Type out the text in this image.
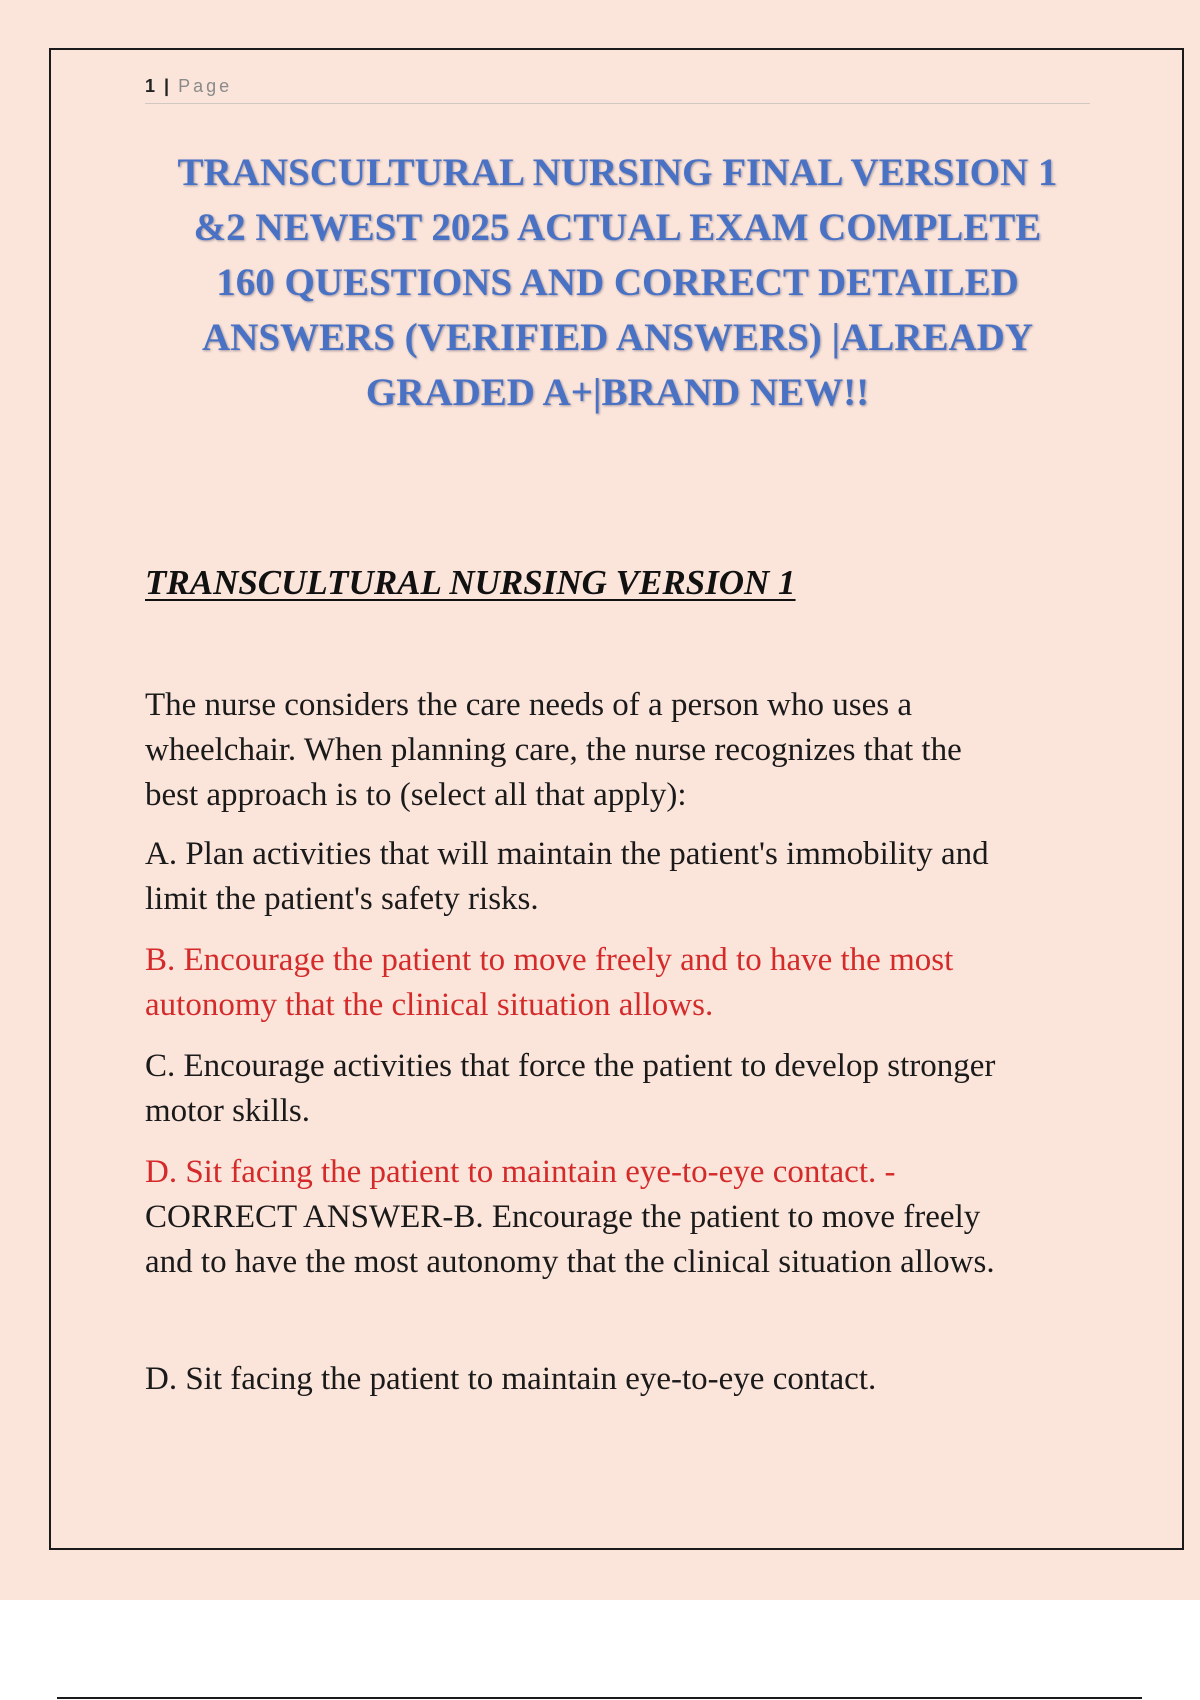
1 | Page
TRANSCULTURAL NURSING FINAL VERSION 1
&2 NEWEST 2025 ACTUAL EXAM COMPLETE
160 QUESTIONS AND CORRECT DETAILED
ANSWERS (VERIFIED ANSWERS) |ALREADY
GRADED A+|BRAND NEW!!
TRANSCULTURAL NURSING VERSION 1

The nurse considers the care needs of a person who uses a
wheelchair. When planning care, the nurse recognizes that the
best approach is to (select all that apply):

A. Plan activities that will maintain the patient's immobility and
limit the patient's safety risks.

B. Encourage the patient to move freely and to have the most
autonomy that the clinical situation allows.

C. Encourage activities that force the patient to develop stronger
motor skills.

D. Sit facing the patient to maintain eye-to-eye contact. -
CORRECT ANSWER-B. Encourage the patient to move freely
and to have the most autonomy that the clinical situation allows.

D. Sit facing the patient to maintain eye-to-eye contact.
